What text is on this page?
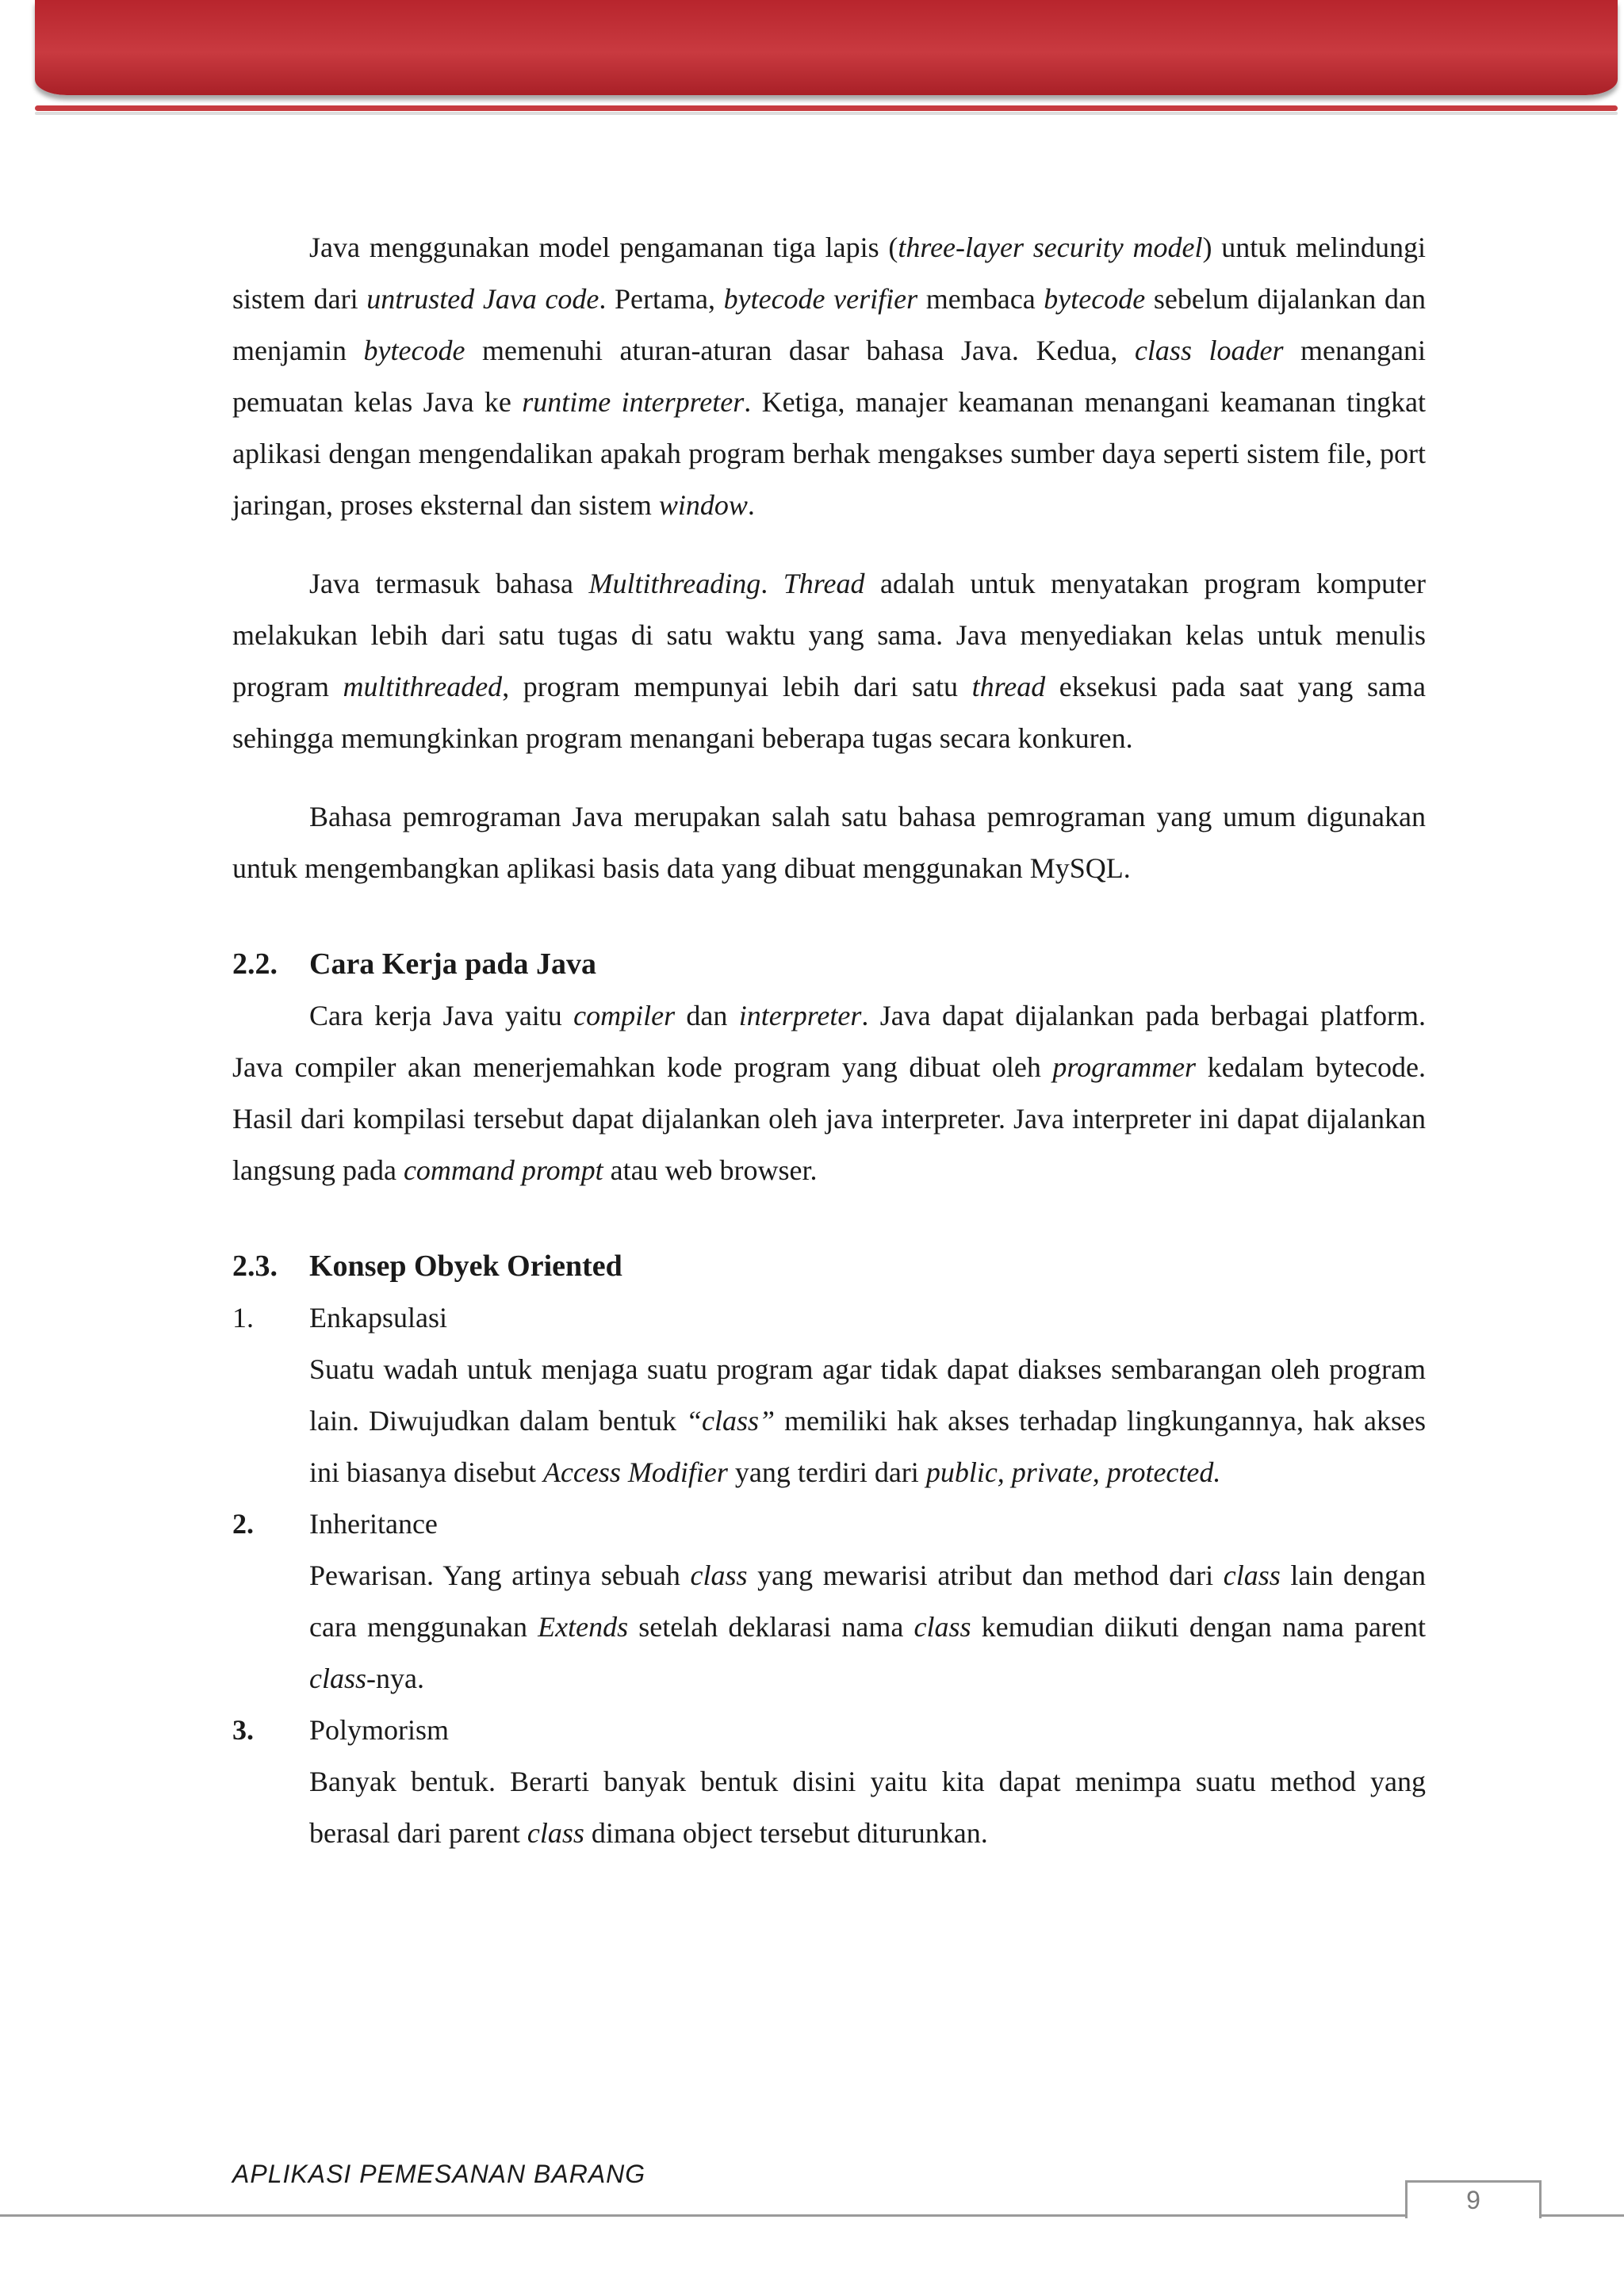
Java menggunakan model pengamanan tiga lapis (three-layer security model) untuk melindungi sistem dari untrusted Java code. Pertama, bytecode verifier membaca bytecode sebelum dijalankan dan menjamin bytecode memenuhi aturan-aturan dasar bahasa Java. Kedua, class loader menangani pemuatan kelas Java ke runtime interpreter. Ketiga, manajer keamanan menangani keamanan tingkat aplikasi dengan mengendalikan apakah program berhak mengakses sumber daya seperti sistem file, port jaringan, proses eksternal dan sistem window.

Java termasuk bahasa Multithreading. Thread adalah untuk menyatakan program komputer melakukan lebih dari satu tugas di satu waktu yang sama. Java menyediakan kelas untuk menulis program multithreaded, program mempunyai lebih dari satu thread eksekusi pada saat yang sama sehingga memungkinkan program menangani beberapa tugas secara konkuren.

Bahasa pemrograman Java merupakan salah satu bahasa pemrograman yang umum digunakan untuk mengembangkan aplikasi basis data yang dibuat menggunakan MySQL.

2.2.	Cara Kerja pada Java

Cara kerja Java yaitu compiler dan interpreter. Java dapat dijalankan pada berbagai platform. Java compiler akan menerjemahkan kode program yang dibuat oleh programmer kedalam bytecode. Hasil dari kompilasi tersebut dapat dijalankan oleh java interpreter. Java interpreter ini dapat dijalankan langsung pada command prompt atau web browser.

2.3.	Konsep Obyek Oriented
1.	Enkapsulasi

Suatu wadah untuk menjaga suatu program agar tidak dapat diakses sembarangan oleh program lain. Diwujudkan dalam bentuk “class” memiliki hak akses terhadap lingkungannya, hak akses ini biasanya disebut Access Modifier yang terdiri dari public, private, protected.

2.	Inheritance

Pewarisan. Yang artinya sebuah class yang mewarisi atribut dan method dari class lain dengan cara menggunakan Extends setelah deklarasi nama class kemudian diikuti dengan nama parent class-nya.

3.	Polymorism

Banyak bentuk. Berarti banyak bentuk disini yaitu kita dapat menimpa suatu method yang berasal dari parent class dimana object tersebut diturunkan.

APLIKASI PEMESANAN BARANG
9
